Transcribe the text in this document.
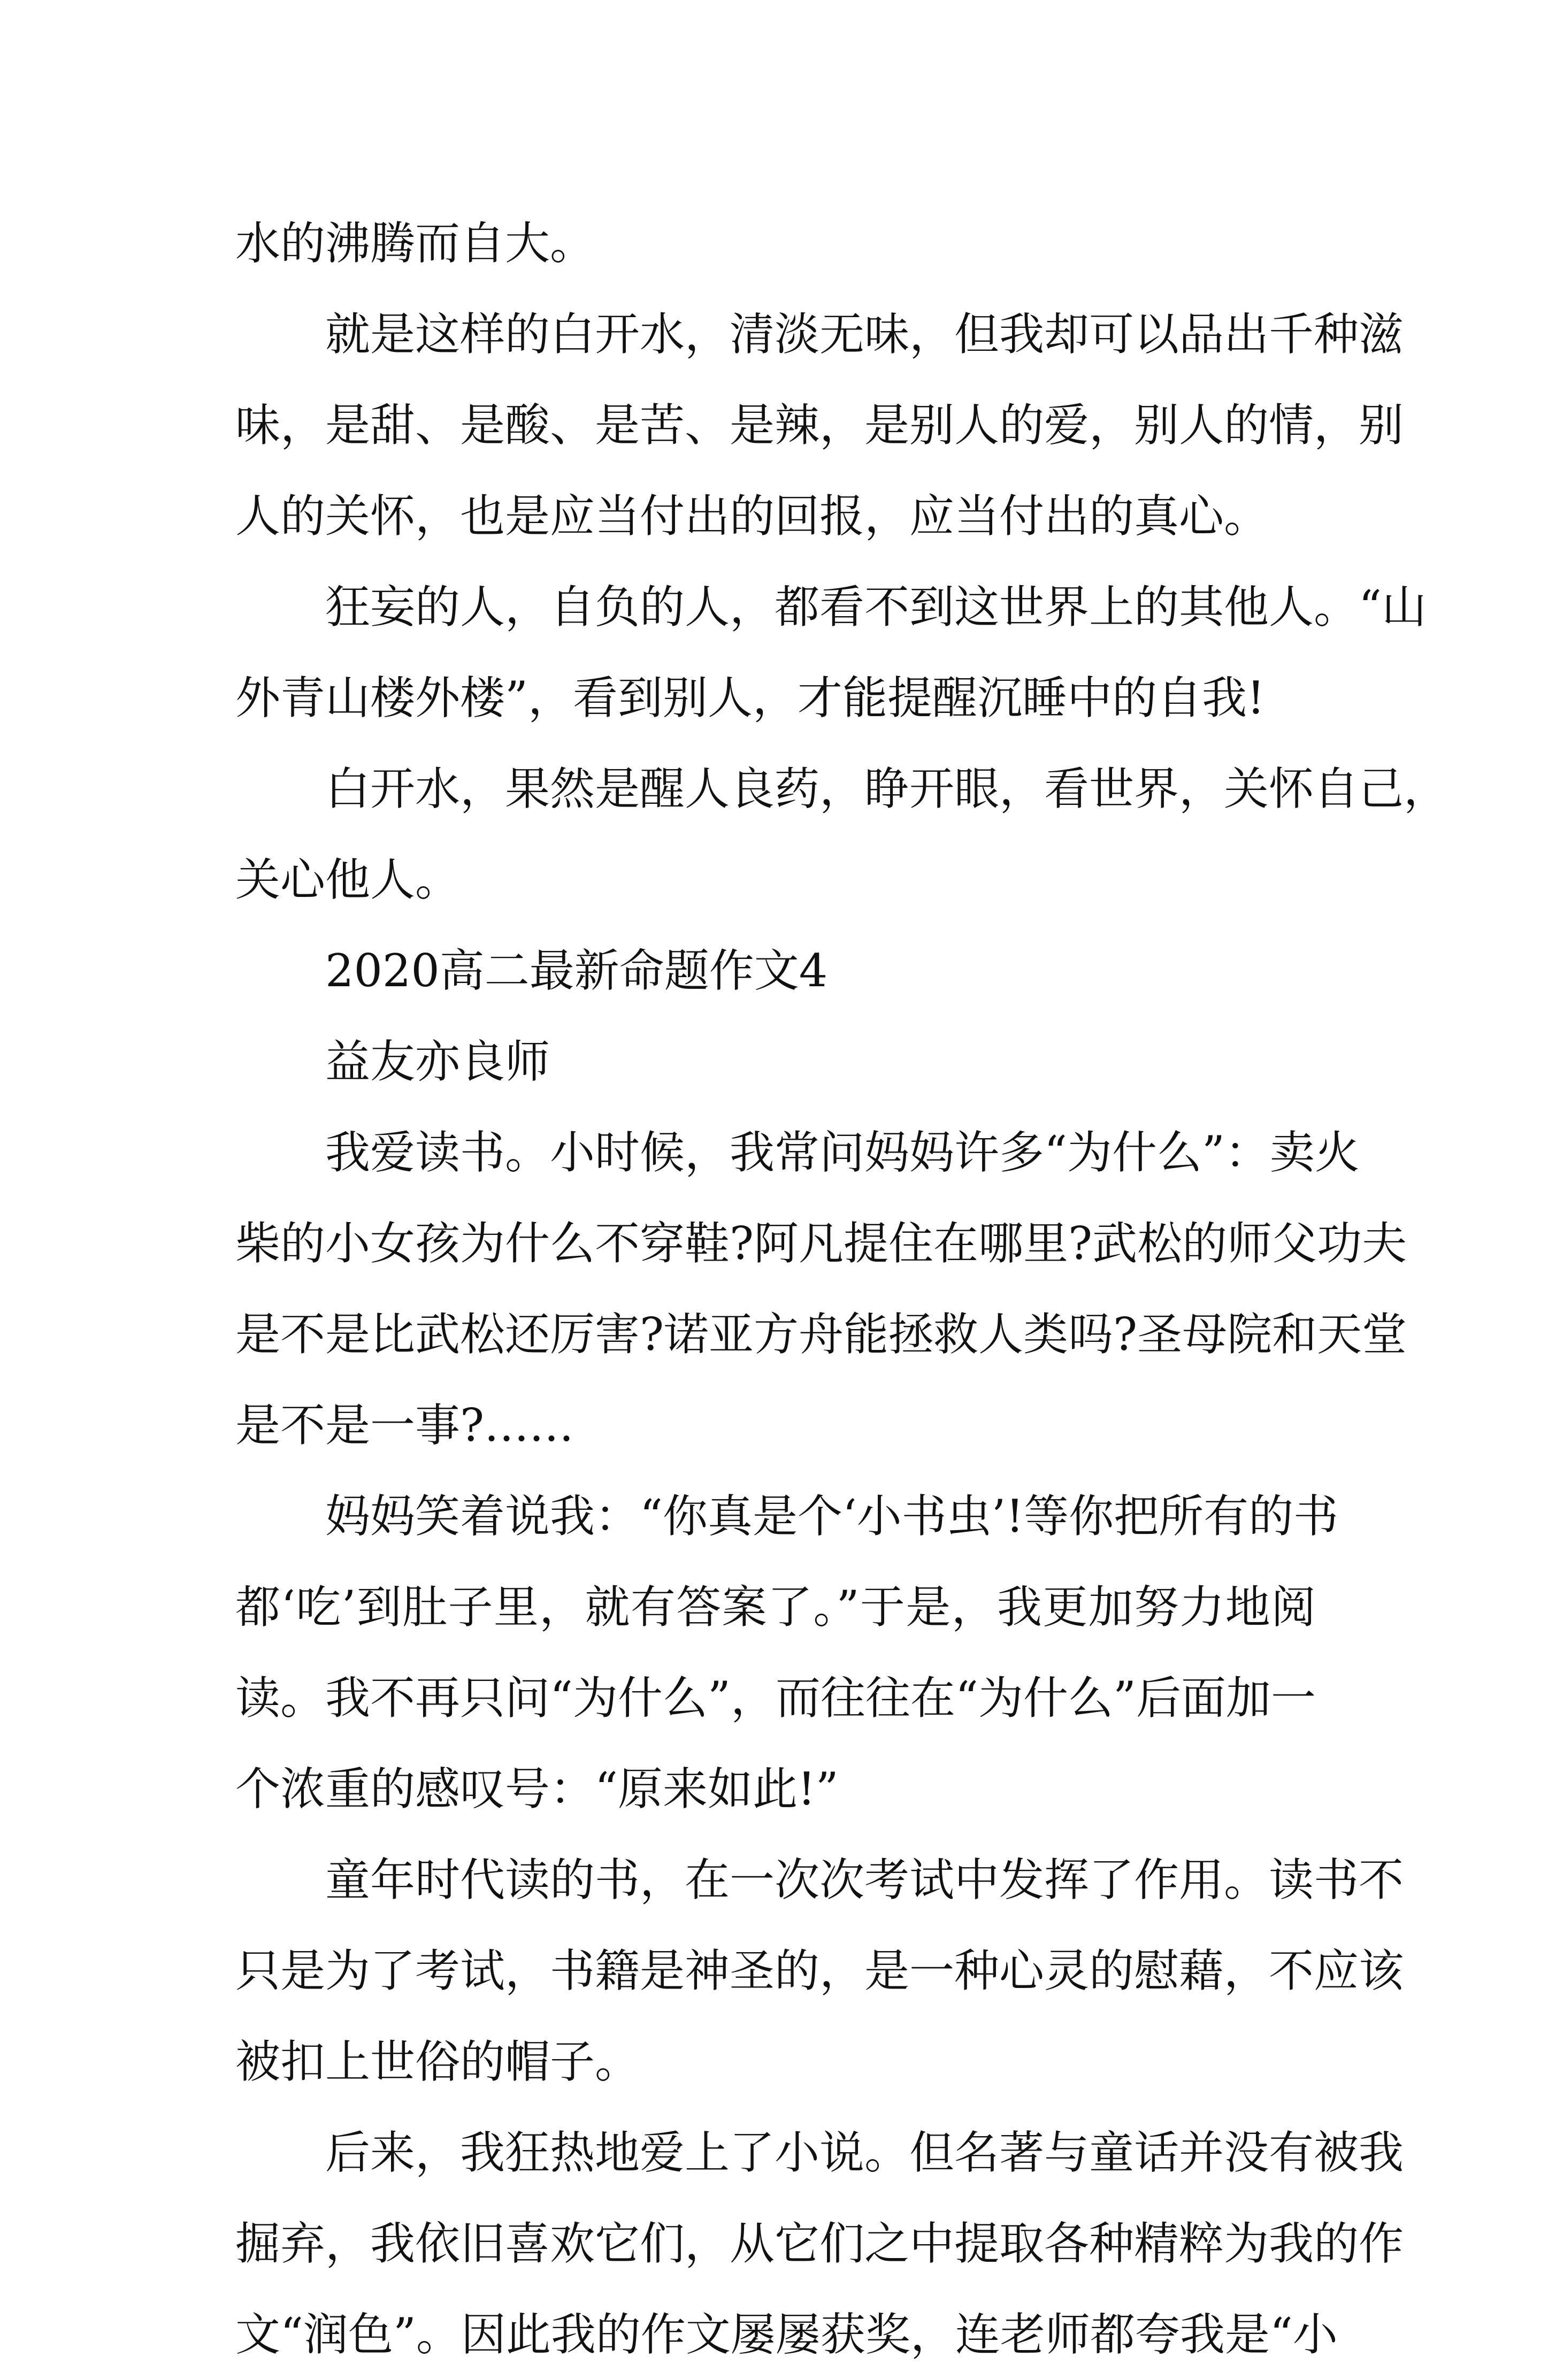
水的沸腾而自大。
就是这样的白开水，清淡无味，但我却可以品出千种滋
味，是甜、是酸、是苦、是辣，是别人的爱，别人的情，别
人的关怀，也是应当付出的回报，应当付出的真心。
狂妄的人，自负的人，都看不到这世界上的其他人。“山
外青山楼外楼”，看到别人，才能提醒沉睡中的自我!
白开水，果然是醒人良药，睁开眼，看世界，关怀自己，
关心他人。
2020高二最新命题作文4
益友亦良师
我爱读书。小时候，我常问妈妈许多“为什么”：卖火
柴的小女孩为什么不穿鞋?阿凡提住在哪里?武松的师父功夫
是不是比武松还厉害?诺亚方舟能拯救人类吗?圣母院和天堂
是不是一事?……
妈妈笑着说我：“你真是个‘小书虫’!等你把所有的书
都‘吃’到肚子里，就有答案了。”于是，我更加努力地阅
读。我不再只问“为什么”，而往往在“为什么”后面加一
个浓重的感叹号：“原来如此!”
童年时代读的书，在一次次考试中发挥了作用。读书不
只是为了考试，书籍是神圣的，是一种心灵的慰藉，不应该
被扣上世俗的帽子。
后来，我狂热地爱上了小说。但名著与童话并没有被我
掘弃，我依旧喜欢它们，从它们之中提取各种精粹为我的作
文“润色”。因此我的作文屡屡获奖，连老师都夸我是“小
